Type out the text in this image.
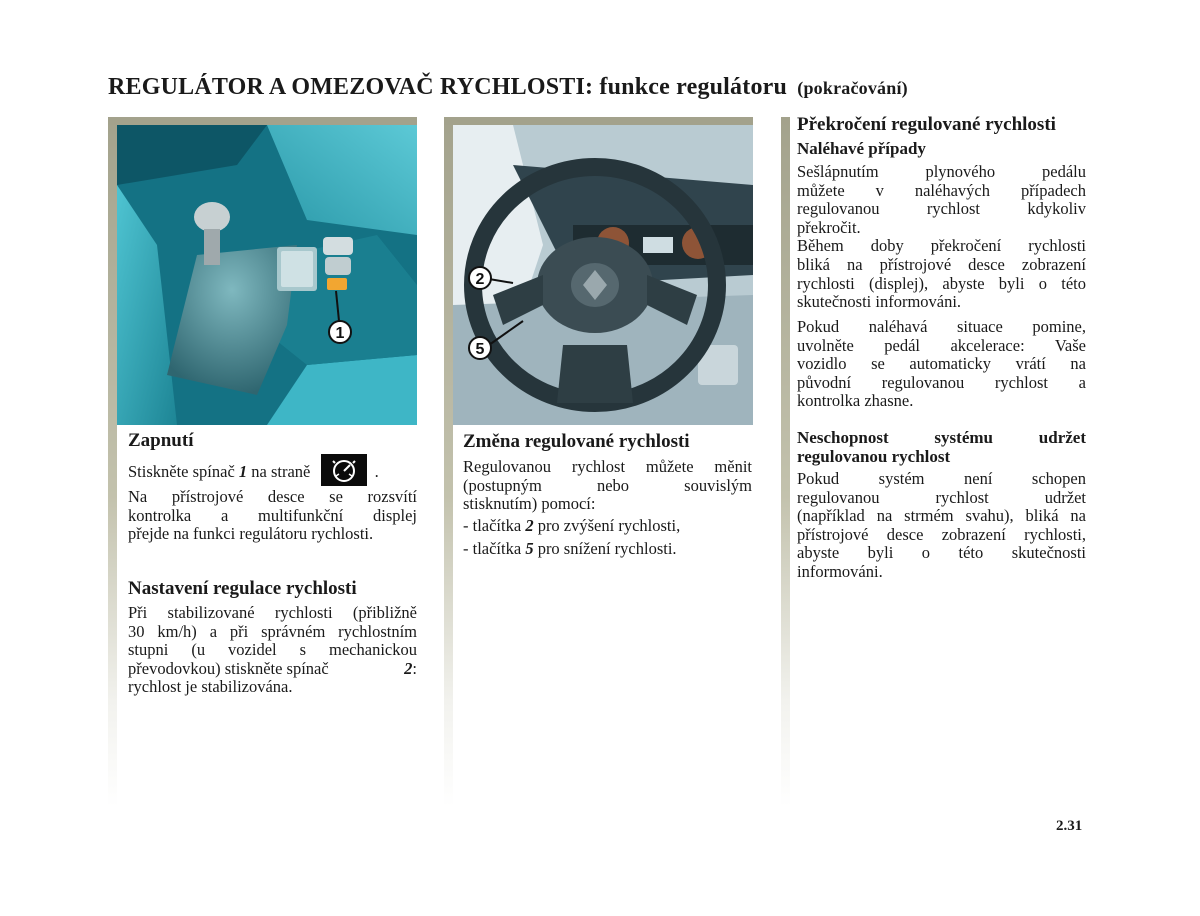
REGULÁTOR A OMEZOVAČ RYCHLOSTI: funkce regulátoru (pokračování)
1
2
5
Zapnutí
Stiskněte spínač 1 na straně	.
Na přístrojové desce se rozsvítí
kontrolka a multifunkční displej
přejde na funkci regulátoru rychlosti.
Nastavení regulace rychlosti
Při stabilizované rychlosti (přibližně
30 km/h) a při správném rychlostním
stupni (u vozidel s mechanickou
převodovkou) stiskněte spínač	2:
rychlost je stabilizována.
Změna regulované rychlosti
Regulovanou rychlost můžete měnit
(postupným nebo souvislým
stisknutím) pomocí:
- tlačítka 2 pro zvýšení rychlosti,
- tlačítka 5 pro snížení rychlosti.
Překročení regulované rychlosti
Naléhavé případy
Sešlápnutím plynového pedálu
můžete v naléhavých případech
regulovanou rychlost kdykoliv
překročit.
Během doby překročení rychlosti
bliká na přístrojové desce zobrazení
rychlosti (displej), abyste byli o této
skutečnosti informováni.
Pokud naléhavá situace pomine,
uvolněte pedál akcelerace: Vaše
vozidlo se automaticky vrátí na
původní regulovanou rychlost a
kontrolka zhasne.
Neschopnost systému udržet
regulovanou rychlost
Pokud systém není schopen
regulovanou rychlost udržet
(například na strmém svahu), bliká na
přístrojové desce zobrazení rychlosti,
abyste byli o této skutečnosti
informováni.
2.31
